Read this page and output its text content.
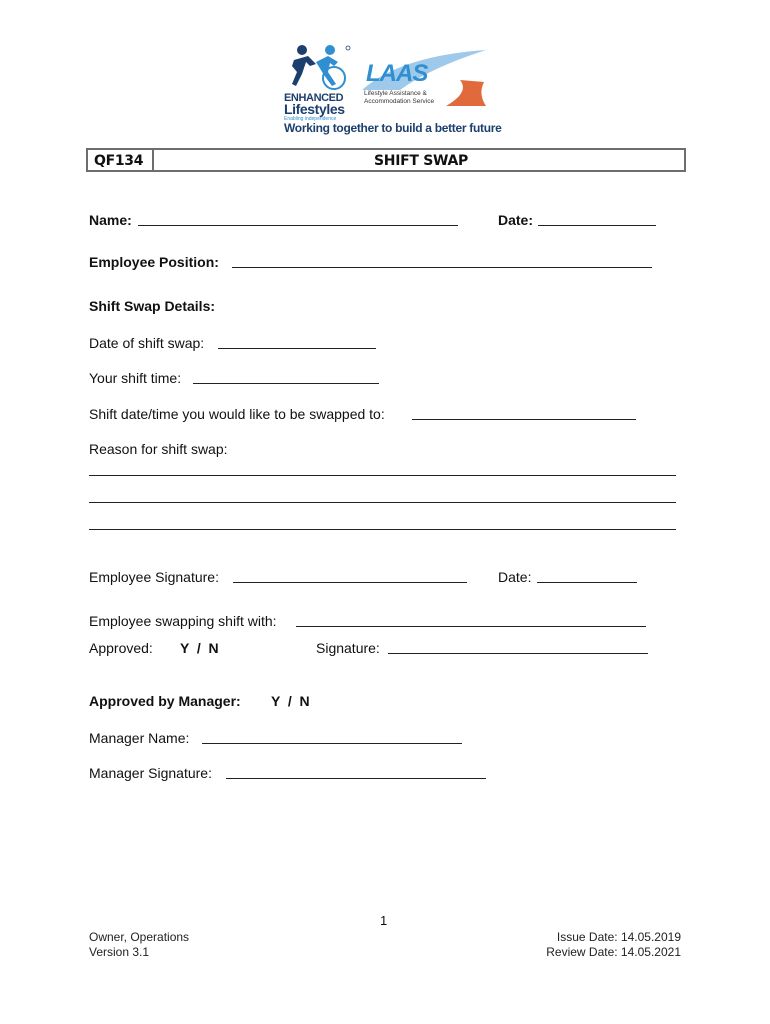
ENHANCED
Lifestyles
Enabling independence
LAAS
Lifestyle Assistance &
Accommodation Service
Working together to build a better future
QF134	SHIFT SWAP
Name:	Date:
Employee Position:
Shift Swap Details:
Date of shift swap:
Your shift time:
Shift date/time you would like to be swapped to:
Reason for shift swap:
Employee Signature:	Date:
Employee swapping shift with:
Approved: Y  /  N	Signature:
Approved by Manager: Y  /  N
Manager Name:
Manager Signature:
1
Owner, Operations
Version 3.1
Issue Date: 14.05.2019
Review Date: 14.05.2021
